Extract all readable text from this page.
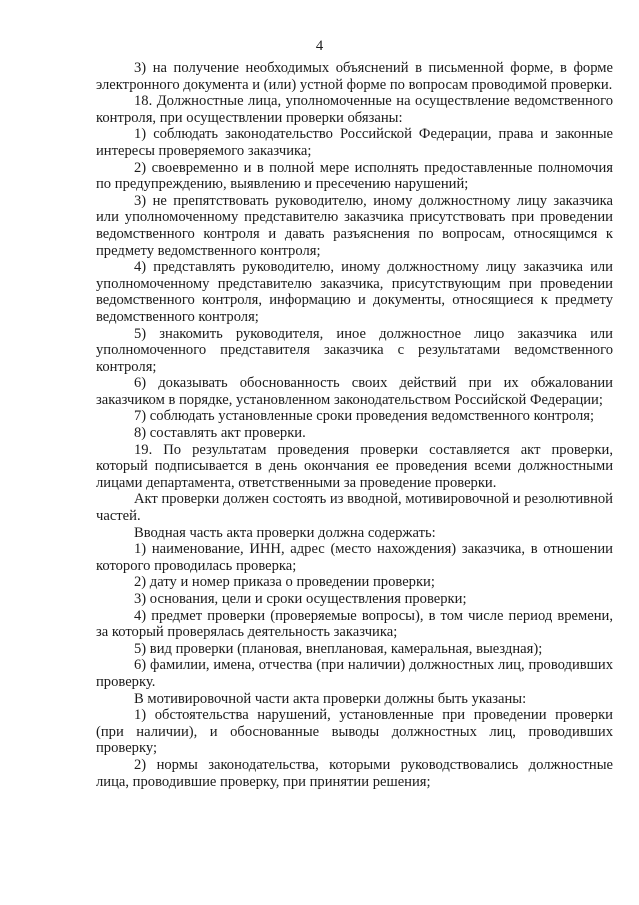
4

3) на получение необходимых объяснений в письменной форме, в форме электронного документа и (или) устной форме по вопросам проводимой проверки.

18. Должностные лица, уполномоченные на осуществление ведомственного контроля, при осуществлении проверки обязаны:

1) соблюдать законодательство Российской Федерации, права и законные интересы проверяемого заказчика;

2) своевременно и в полной мере исполнять предоставленные полномочия по предупреждению, выявлению и пресечению нарушений;

3) не препятствовать руководителю, иному должностному лицу заказчика или уполномоченному представителю заказчика присутствовать при проведении ведомственного контроля и давать разъяснения по вопросам, относящимся к предмету ведомственного контроля;

4) представлять руководителю, иному должностному лицу заказчика или уполномоченному представителю заказчика, присутствующим при проведении ведомственного контроля, информацию и документы, относящиеся к предмету ведомственного контроля;

5) знакомить руководителя, иное должностное лицо заказчика или уполномоченного представителя заказчика с результатами ведомственного контроля;

6) доказывать обоснованность своих действий при их обжаловании заказчиком в порядке, установленном законодательством Российской Федерации;

7) соблюдать установленные сроки проведения ведомственного контроля;

8) составлять акт проверки.

19. По результатам проведения проверки составляется акт проверки, который подписывается в день окончания ее проведения всеми должностными лицами департамента, ответственными за проведение проверки.

Акт проверки должен состоять из вводной, мотивировочной и резолютивной частей.

Вводная часть акта проверки должна содержать:

1) наименование, ИНН, адрес (место нахождения) заказчика, в отношении которого проводилась проверка;

2) дату и номер приказа о проведении проверки;

3) основания, цели и сроки осуществления проверки;

4) предмет проверки (проверяемые вопросы), в том числе период времени, за который проверялась деятельность заказчика;

5) вид проверки (плановая, внеплановая, камеральная, выездная);

6) фамилии, имена, отчества (при наличии) должностных лиц, проводивших проверку.

В мотивировочной части акта проверки должны быть указаны:

1) обстоятельства нарушений, установленные при проведении проверки (при наличии), и обоснованные выводы должностных лиц, проводивших проверку;

2) нормы законодательства, которыми руководствовались должностные лица, проводившие проверку, при принятии решения;
